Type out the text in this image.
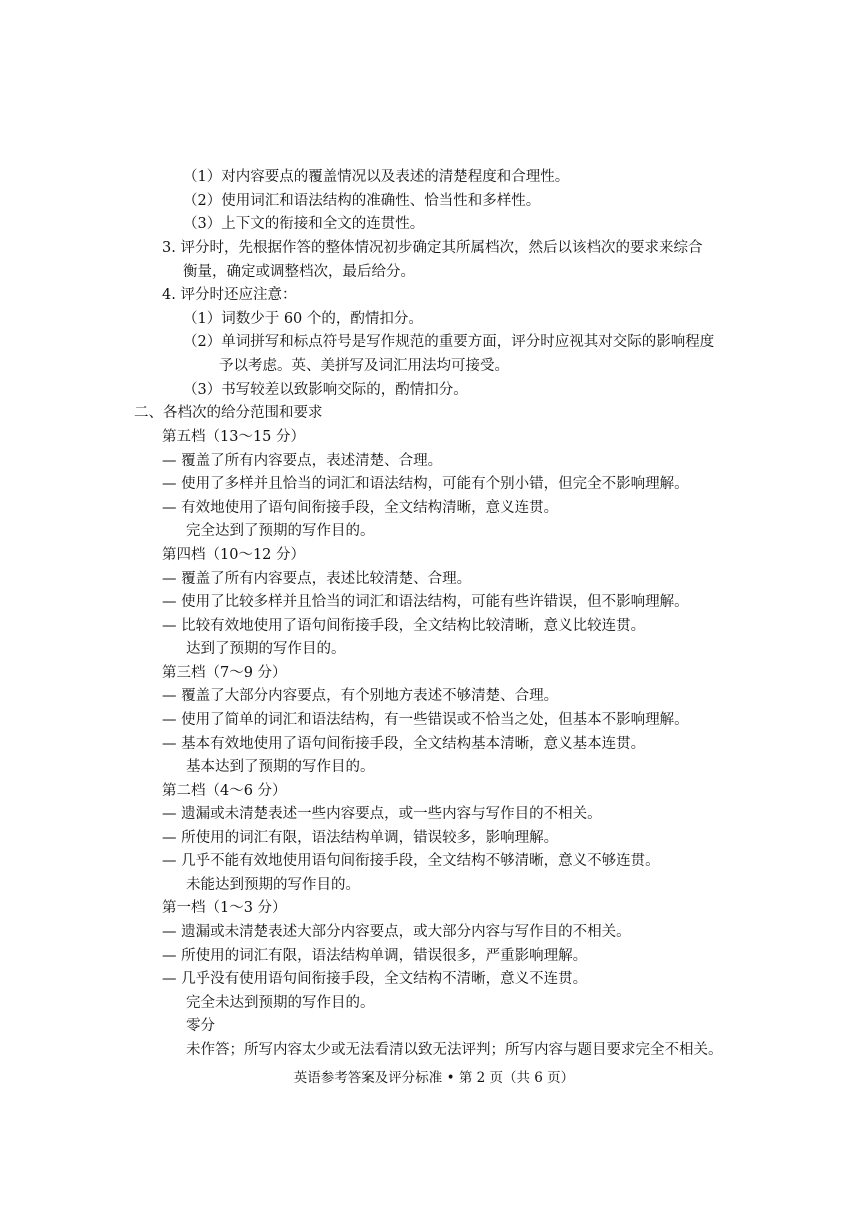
（1）对内容要点的覆盖情况以及表述的清楚程度和合理性。
（2）使用词汇和语法结构的准确性、恰当性和多样性。
（3）上下文的衔接和全文的连贯性。
3. 评分时，先根据作答的整体情况初步确定其所属档次，然后以该档次的要求来综合
衡量，确定或调整档次，最后给分。
4. 评分时还应注意：
（1）词数少于 60 个的，酌情扣分。
（2）单词拼写和标点符号是写作规范的重要方面，评分时应视其对交际的影响程度
予以考虑。英、美拼写及词汇用法均可接受。
（3）书写较差以致影响交际的，酌情扣分。
二、各档次的给分范围和要求
第五档（13～15 分）
— 覆盖了所有内容要点，表述清楚、合理。
— 使用了多样并且恰当的词汇和语法结构，可能有个别小错，但完全不影响理解。
— 有效地使用了语句间衔接手段，全文结构清晰，意义连贯。
完全达到了预期的写作目的。
第四档（10～12 分）
— 覆盖了所有内容要点，表述比较清楚、合理。
— 使用了比较多样并且恰当的词汇和语法结构，可能有些许错误，但不影响理解。
— 比较有效地使用了语句间衔接手段，全文结构比较清晰，意义比较连贯。
达到了预期的写作目的。
第三档（7～9 分）
— 覆盖了大部分内容要点，有个别地方表述不够清楚、合理。
— 使用了简单的词汇和语法结构，有一些错误或不恰当之处，但基本不影响理解。
— 基本有效地使用了语句间衔接手段，全文结构基本清晰，意义基本连贯。
基本达到了预期的写作目的。
第二档（4～6 分）
— 遗漏或未清楚表述一些内容要点，或一些内容与写作目的不相关。
— 所使用的词汇有限，语法结构单调，错误较多，影响理解。
— 几乎不能有效地使用语句间衔接手段，全文结构不够清晰，意义不够连贯。
未能达到预期的写作目的。
第一档（1～3 分）
— 遗漏或未清楚表述大部分内容要点，或大部分内容与写作目的不相关。
— 所使用的词汇有限，语法结构单调，错误很多，严重影响理解。
— 几乎没有使用语句间衔接手段，全文结构不清晰，意义不连贯。
完全未达到预期的写作目的。
零分
未作答；所写内容太少或无法看清以致无法评判；所写内容与题目要求完全不相关。
英语参考答案及评分标准 • 第 2 页（共 6 页）
